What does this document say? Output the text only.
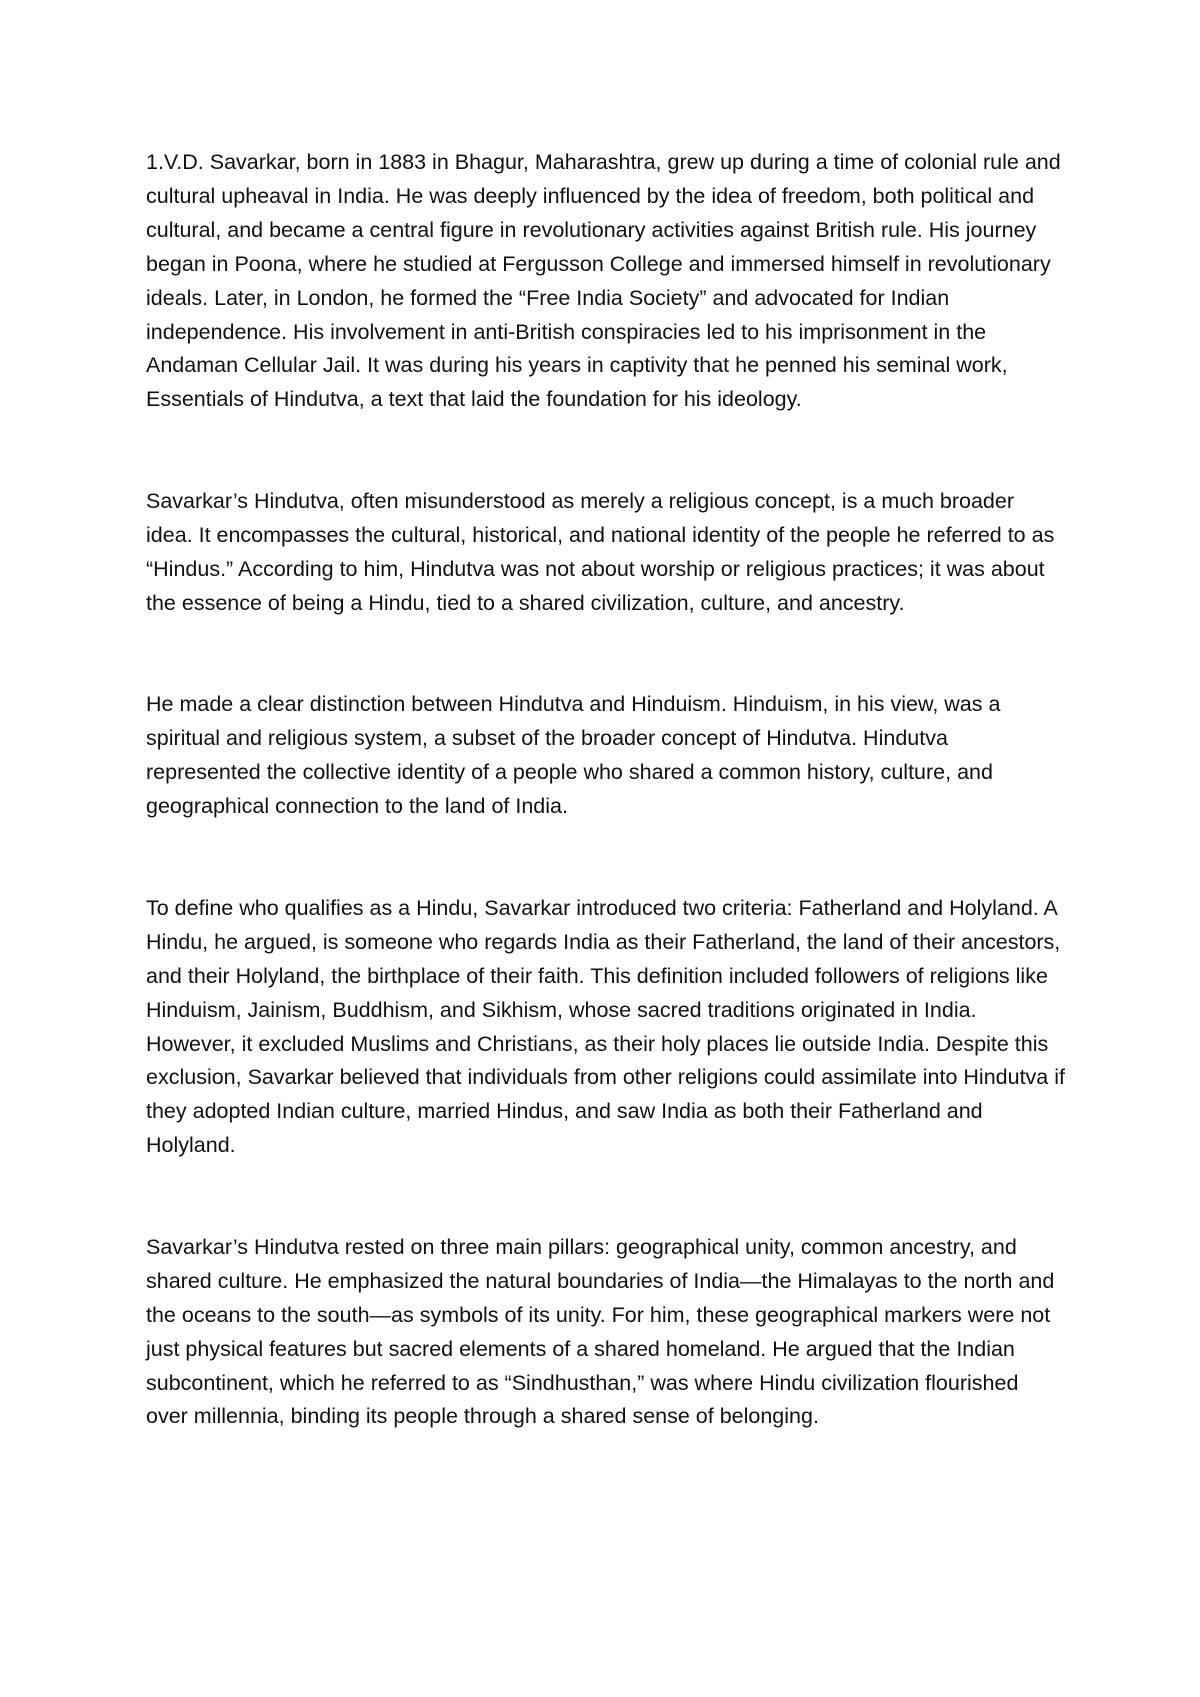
1.V.D. Savarkar, born in 1883 in Bhagur, Maharashtra, grew up during a time of colonial rule and cultural upheaval in India. He was deeply influenced by the idea of freedom, both political and cultural, and became a central figure in revolutionary activities against British rule. His journey began in Poona, where he studied at Fergusson College and immersed himself in revolutionary ideals. Later, in London, he formed the “Free India Society” and advocated for Indian independence. His involvement in anti-British conspiracies led to his imprisonment in the Andaman Cellular Jail. It was during his years in captivity that he penned his seminal work, Essentials of Hindutva, a text that laid the foundation for his ideology.

Savarkar’s Hindutva, often misunderstood as merely a religious concept, is a much broader idea. It encompasses the cultural, historical, and national identity of the people he referred to as “Hindus.” According to him, Hindutva was not about worship or religious practices; it was about the essence of being a Hindu, tied to a shared civilization, culture, and ancestry.

He made a clear distinction between Hindutva and Hinduism. Hinduism, in his view, was a spiritual and religious system, a subset of the broader concept of Hindutva. Hindutva represented the collective identity of a people who shared a common history, culture, and geographical connection to the land of India.

To define who qualifies as a Hindu, Savarkar introduced two criteria: Fatherland and Holyland. A Hindu, he argued, is someone who regards India as their Fatherland, the land of their ancestors, and their Holyland, the birthplace of their faith. This definition included followers of religions like Hinduism, Jainism, Buddhism, and Sikhism, whose sacred traditions originated in India. However, it excluded Muslims and Christians, as their holy places lie outside India. Despite this exclusion, Savarkar believed that individuals from other religions could assimilate into Hindutva if they adopted Indian culture, married Hindus, and saw India as both their Fatherland and Holyland.

Savarkar’s Hindutva rested on three main pillars: geographical unity, common ancestry, and shared culture. He emphasized the natural boundaries of India—the Himalayas to the north and the oceans to the south—as symbols of its unity. For him, these geographical markers were not just physical features but sacred elements of a shared homeland. He argued that the Indian subcontinent, which he referred to as “Sindhusthan,” was where Hindu civilization flourished over millennia, binding its people through a shared sense of belonging.
